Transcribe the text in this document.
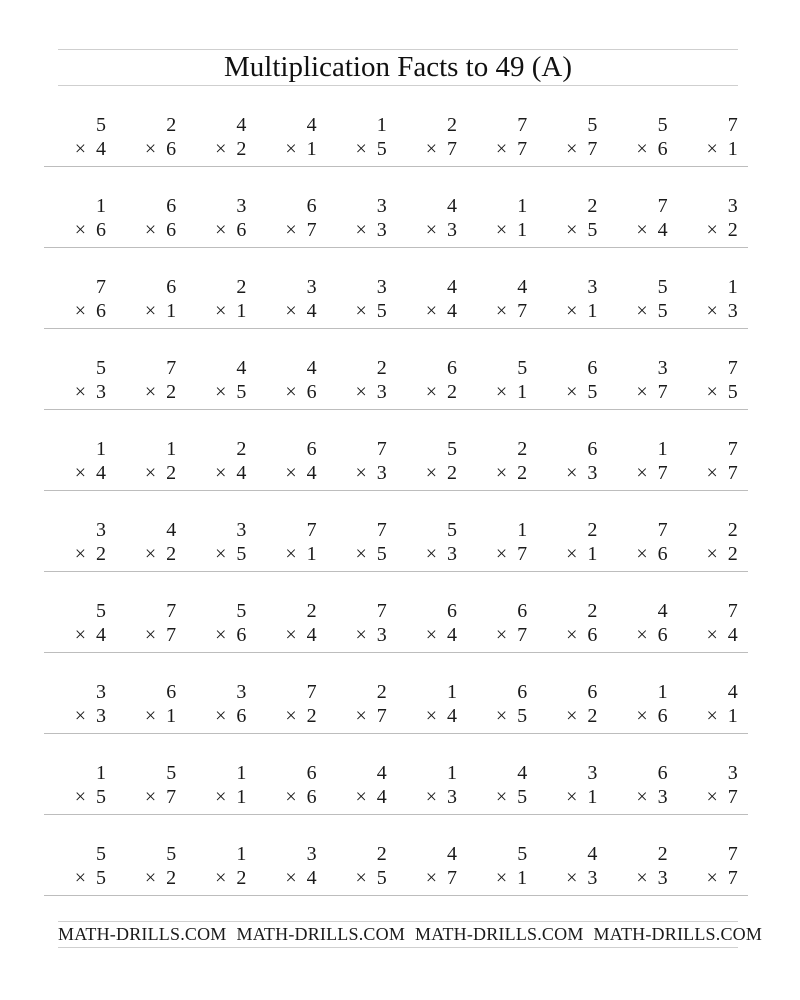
Multiplication Facts to 49 (A)
5
×  4
2
×  6
4
×  2
4
×  1
1
×  5
2
×  7
7
×  7
5
×  7
5
×  6
7
×  1
1
×  6
6
×  6
3
×  6
6
×  7
3
×  3
4
×  3
1
×  1
2
×  5
7
×  4
3
×  2
7
×  6
6
×  1
2
×  1
3
×  4
3
×  5
4
×  4
4
×  7
3
×  1
5
×  5
1
×  3
5
×  3
7
×  2
4
×  5
4
×  6
2
×  3
6
×  2
5
×  1
6
×  5
3
×  7
7
×  5
1
×  4
1
×  2
2
×  4
6
×  4
7
×  3
5
×  2
2
×  2
6
×  3
1
×  7
7
×  7
3
×  2
4
×  2
3
×  5
7
×  1
7
×  5
5
×  3
1
×  7
2
×  1
7
×  6
2
×  2
5
×  4
7
×  7
5
×  6
2
×  4
7
×  3
6
×  4
6
×  7
2
×  6
4
×  6
7
×  4
3
×  3
6
×  1
3
×  6
7
×  2
2
×  7
1
×  4
6
×  5
6
×  2
1
×  6
4
×  1
1
×  5
5
×  7
1
×  1
6
×  6
4
×  4
1
×  3
4
×  5
3
×  1
6
×  3
3
×  7
5
×  5
5
×  2
1
×  2
3
×  4
2
×  5
4
×  7
5
×  1
4
×  3
2
×  3
7
×  7
MATH-DRILLS.COM MATH-DRILLS.COM MATH-DRILLS.COM MATH-DRILLS.COM
